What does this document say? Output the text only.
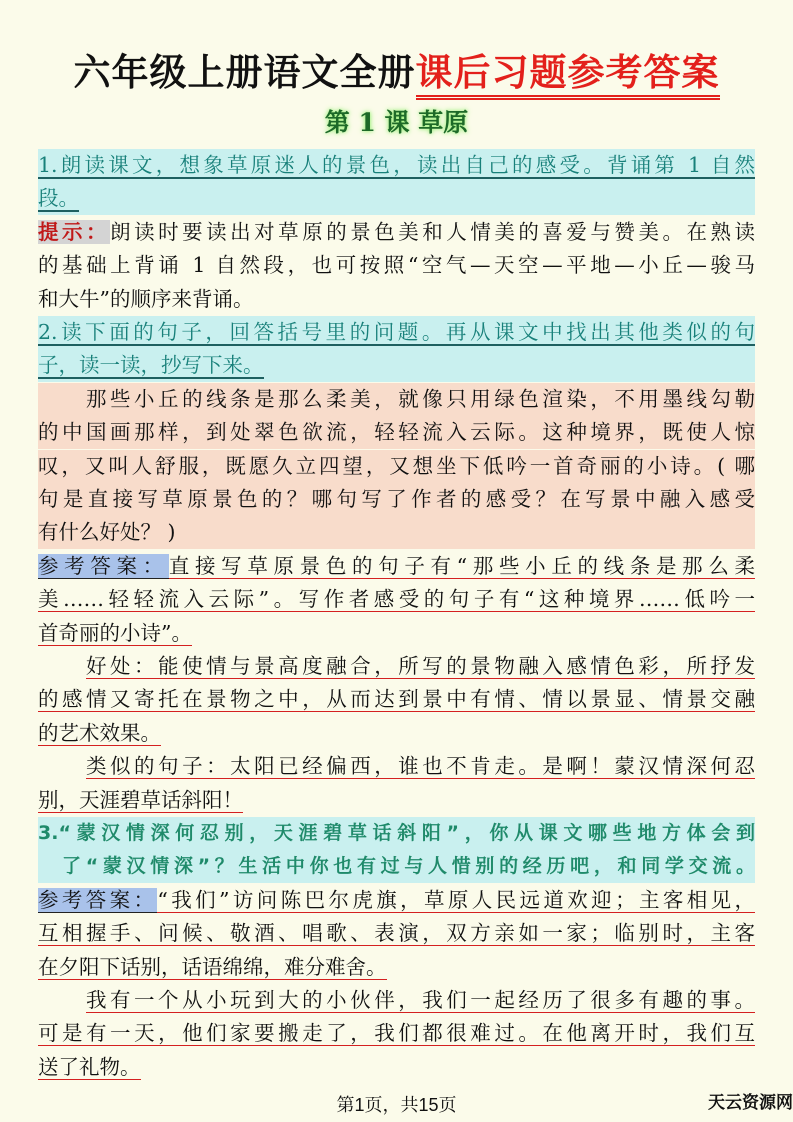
六年级上册语文全册课后习题参考答案
第 1 课 草原
1.朗读课文，想象草原迷人的景色，读出自己的感受。背诵第 1 自然
段。
提示：朗读时要读出对草原的景色美和人情美的喜爱与赞美。在熟读
的基础上背诵 1 自然段，也可按照“空气—天空—平地—小丘—骏马
和大牛”的顺序来背诵。
2.读下面的句子，回答括号里的问题。再从课文中找出其他类似的句
子，读一读，抄写下来。
那些小丘的线条是那么柔美，就像只用绿色渲染，不用墨线勾勒
的中国画那样，到处翠色欲流，轻轻流入云际。这种境界，既使人惊
叹，又叫人舒服，既愿久立四望，又想坐下低吟一首奇丽的小诗。( 哪
句是直接写草原景色的？哪句写了作者的感受？在写景中融入感受
有什么好处？ )
参考答案：直接写草原景色的句子有“那些小丘的线条是那么柔
美……轻轻流入云际”。写作者感受的句子有“这种境界……低吟一
首奇丽的小诗”。
好处：能使情与景高度融合，所写的景物融入感情色彩，所抒发
的感情又寄托在景物之中，从而达到景中有情、情以景显、情景交融
的艺术效果。
类似的句子：太阳已经偏西，谁也不肯走。是啊！蒙汉情深何忍
别，天涯碧草话斜阳！
3.“蒙汉情深何忍别，天涯碧草话斜阳”，你从课文哪些地方体会到
了“蒙汉情深”？生活中你也有过与人惜别的经历吧，和同学交流。
参考答案：“我们”访问陈巴尔虎旗，草原人民远道欢迎；主客相见，
互相握手、问候、敬酒、唱歌、表演，双方亲如一家；临别时，主客
在夕阳下话别，话语绵绵，难分难舍。
我有一个从小玩到大的小伙伴，我们一起经历了很多有趣的事。
可是有一天，他们家要搬走了，我们都很难过。在他离开时，我们互
送了礼物。
第1页，共15页	天云资源网
